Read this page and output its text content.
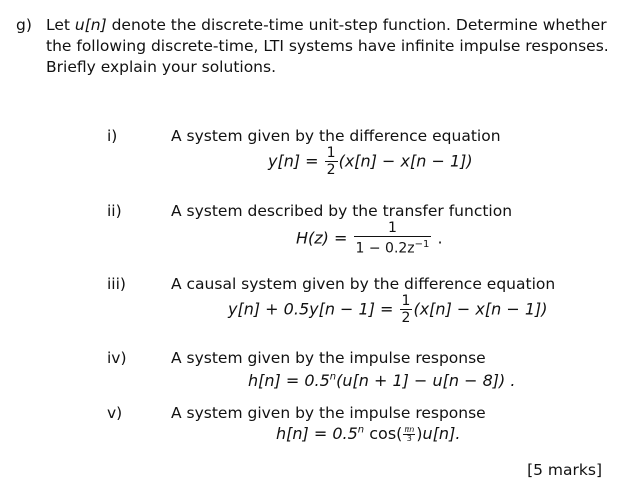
g) Let u[n] denote the discrete-time unit-step function. Determine whether
the following discrete-time, LTI systems have infinite impulse responses.
Briefly explain your solutions.
i)	A system given by the difference equation
$y[n] = \frac{1}{2} (x[n] - x[n - 1])$
ii)	A system described by the transfer function
$H(z) = \frac{1}{1 - 0.2z^{-1}}$ .
iii)	A causal system given by the difference equation
$y[n] + 0.5y[n - 1] = \frac{1}{2} (x[n] - x[n - 1])$
iv)	A system given by the impulse response
$h[n] = 0.5^n(u[n + 1] - u[n - 8])$ .
v)	A system given by the impulse response
$h[n] = 0.5^n$ $\cos( \frac{\pi n}{3} )u[n]$.
[5 marks]
